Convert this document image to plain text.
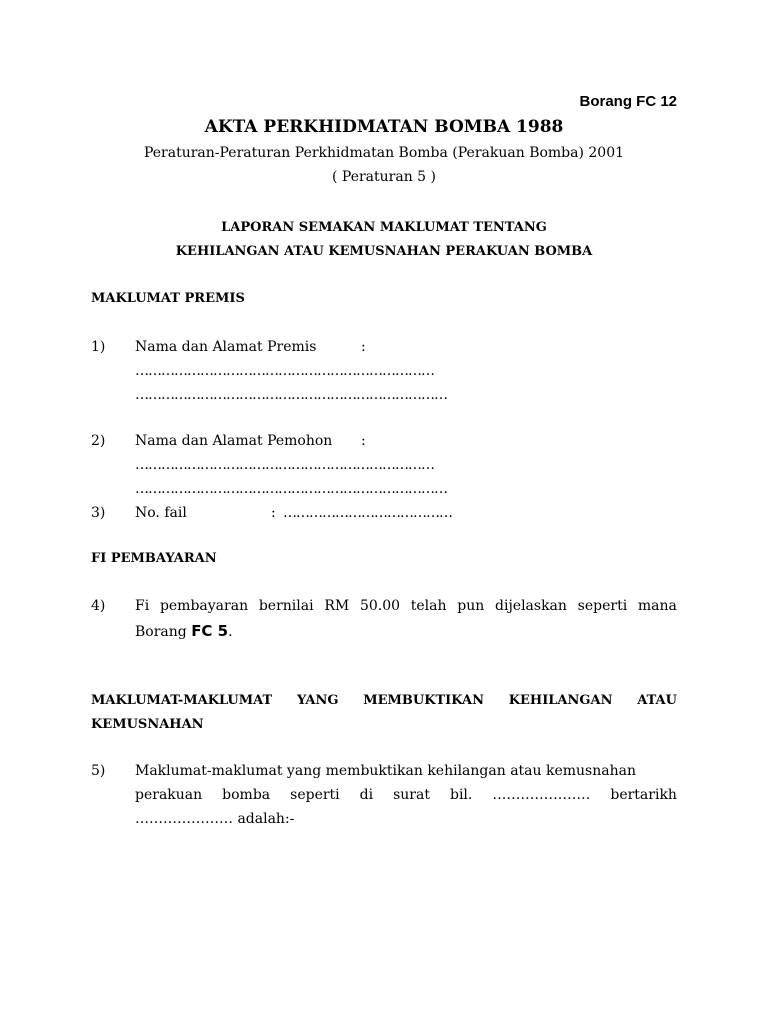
Borang FC 12
AKTA PERKHIDMATAN BOMBA 1988
Peraturan-Peraturan Perkhidmatan Bomba (Perakuan Bomba) 2001
( Peraturan 5 )
LAPORAN SEMAKAN MAKLUMAT TENTANG
KEHILANGAN ATAU KEMUSNAHAN PERAKUAN BOMBA
MAKLUMAT PREMIS
1) Nama dan Alamat Premis	:
……………………………………………………………
………………………………………………………………
2) Nama dan Alamat Pemohon :
……………………………………………………………
………………………………………………………………
3) No. fail	: …………………………………
FI PEMBAYARAN
4) Fi pembayaran bernilai RM 50.00 telah pun dijelaskan seperti mana
Borang FC 5.
MAKLUMAT-MAKLUMAT YANG MEMBUKTIKAN KEHILANGAN ATAU
KEMUSNAHAN
5) Maklumat-maklumat yang membuktikan kehilangan atau kemusnahan
perakuan bomba seperti di surat bil. ………………… bertarikh
………………… adalah:-
